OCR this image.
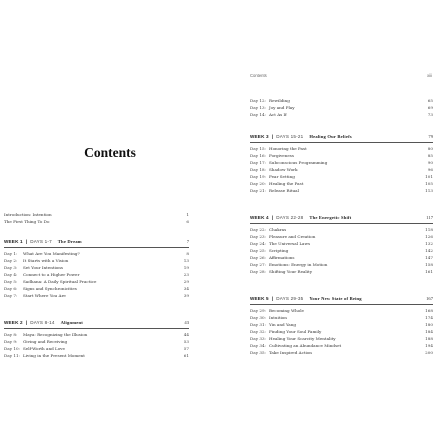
Contents
Introduction: Intention	1
The First Thing To Do	6
WEEK 1  |  DAYS 1-7 The Dream	7
Day 1: What Are You Manifesting?	8
Day 2: It Starts with a Vision	13
Day 3: Set Your Intentions	19
Day 4: Connect to a Higher Power	23
Day 5: Sadhana: A Daily Spiritual Practice	29
Day 6: Signs and Synchronicities	34
Day 7: Start Where You Are	39
WEEK 2  |  DAYS 8-14 Alignment	43
Day 8: Maya: Recognizing the Illusion	44
Day 9: Giving and Receiving	53
Day 10: Self-Worth and Love	57
Day 11: Living in the Present Moment	61
Contents	xiii
Day 12: Rewilding	65
Day 13: Joy and Play	69
Day 14: Act As If	73
WEEK 3  |  DAYS 15-21 Healing Our Beliefs	79
Day 15: Honoring the Past	80
Day 16: Forgiveness	85
Day 17: Subconscious Programming	90
Day 18: Shadow Work	96
Day 19: Fear Setting	101
Day 20: Healing the Past	105
Day 21: Release Ritual	113
WEEK 4  |  DAYS 22-28 The Energetic Shift	117
Day 22: Chakras	118
Day 23: Pleasure and Creation	126
Day 24: The Universal Laws	132
Day 25: Scripting	142
Day 26: Affirmations	147
Day 27: Emotions: Energy in Motion	158
Day 28: Shifting Your Reality	161
WEEK 5  |  DAYS 29-35 Your New State of Being	167
Day 29: Becoming Whole	168
Day 30: Intuition	174
Day 31: Yin and Yang	180
Day 32: Finding Your Soul Family	184
Day 33: Healing Your Scarcity Mentality	188
Day 34: Cultivating an Abundance Mindset	194
Day 35: Take Inspired Action	200
